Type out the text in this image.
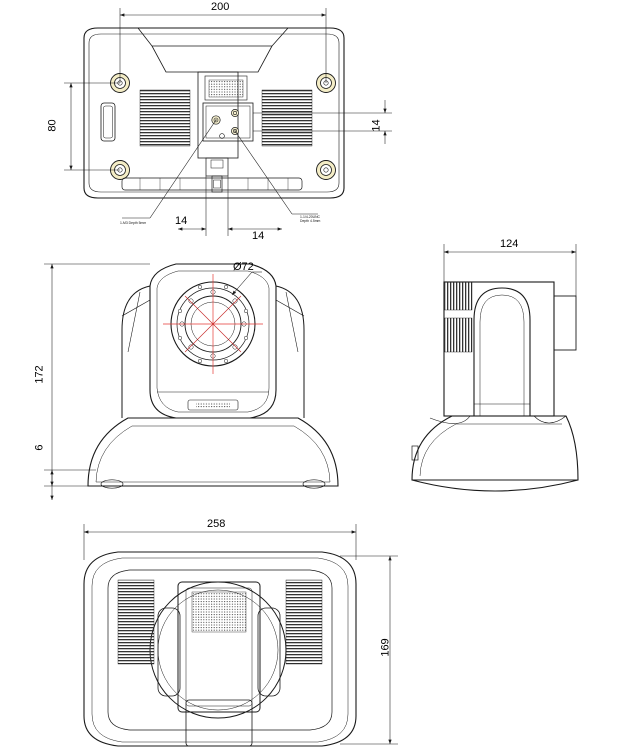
200
80	14
14
14
1-M3 Depth 5mm
1-1/4-20UNC
Depth 4.5mm
Ø72
172
6
124
258
169
